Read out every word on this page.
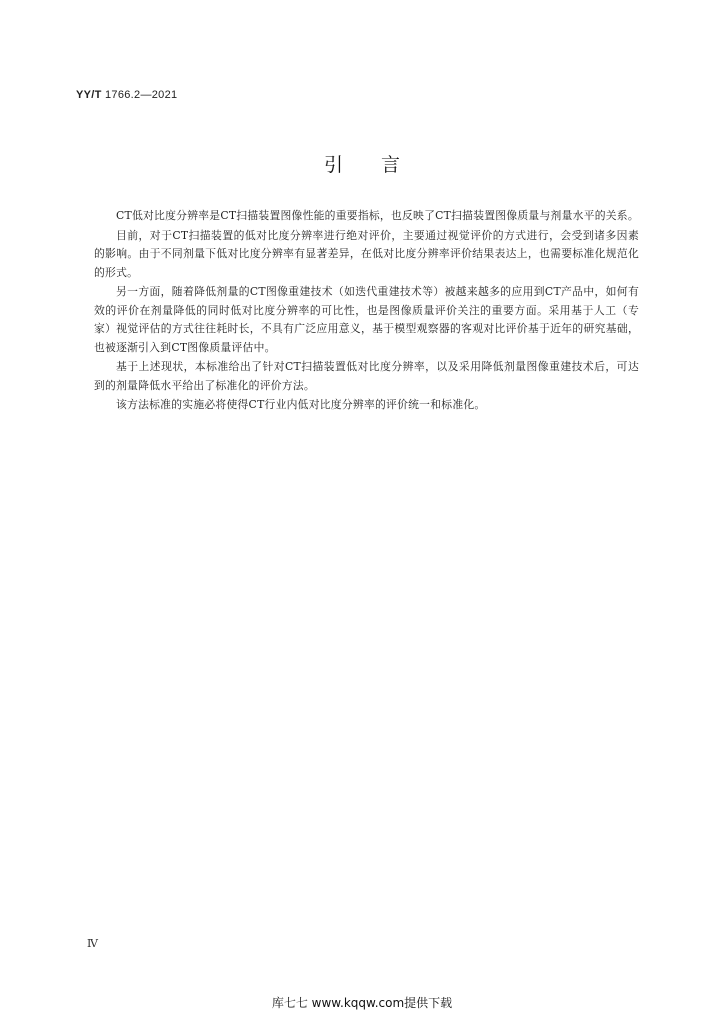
YY/T 1766.2—2021
引言

CT低对比度分辨率是CT扫描装置图像性能的重要指标，也反映了CT扫描装置图像质量与剂量水平的关系。

目前，对于CT扫描装置的低对比度分辨率进行绝对评价，主要通过视觉评价的方式进行，会受到诸多因素的影响。由于不同剂量下低对比度分辨率有显著差异，在低对比度分辨率评价结果表达上，也需要标准化规范化的形式。

另一方面，随着降低剂量的CT图像重建技术（如迭代重建技术等）被越来越多的应用到CT产品中，如何有效的评价在剂量降低的同时低对比度分辨率的可比性，也是图像质量评价关注的重要方面。采用基于人工（专家）视觉评估的方式往往耗时长，不具有广泛应用意义，基于模型观察器的客观对比评价基于近年的研究基础，也被逐渐引入到CT图像质量评估中。

基于上述现状，本标准给出了针对CT扫描装置低对比度分辨率，以及采用降低剂量图像重建技术后，可达到的剂量降低水平给出了标准化的评价方法。

该方法标准的实施必将使得CT行业内低对比度分辨率的评价统一和标准化。

Ⅳ
库七七 www.kqqw.com提供下载
